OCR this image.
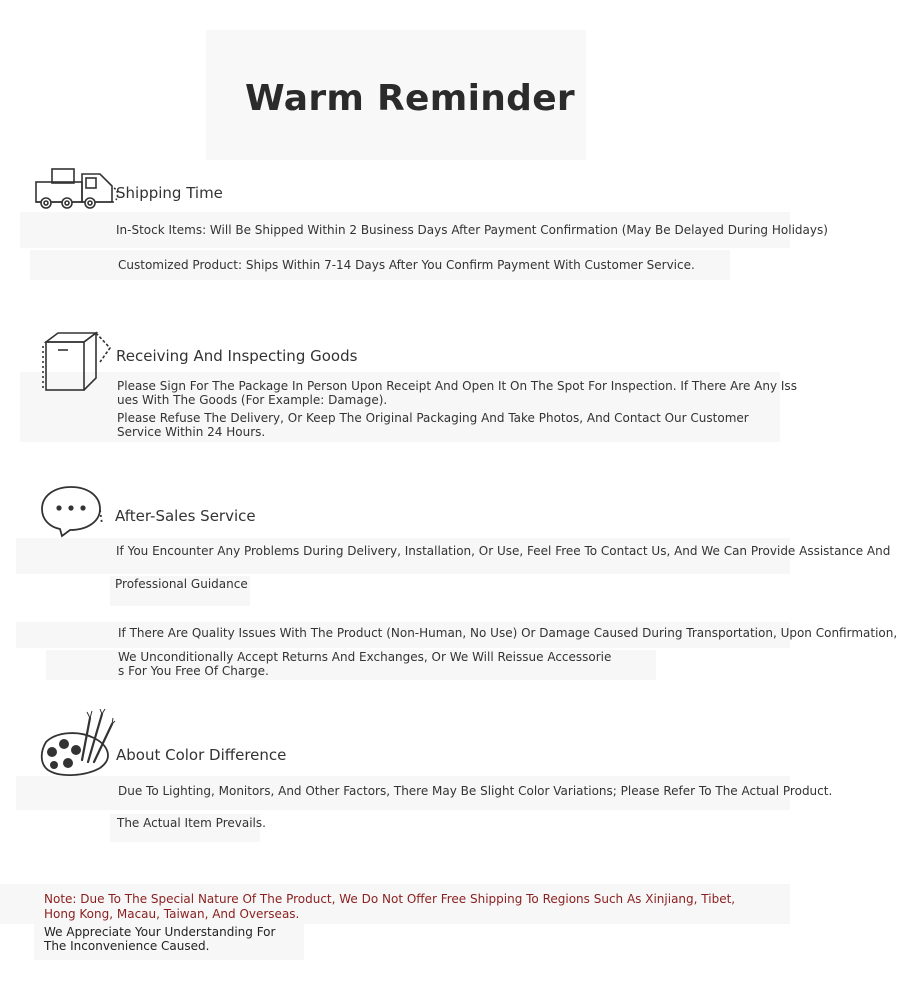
Warm Reminder
Shipping Time
In-Stock Items: Will Be Shipped Within 2 Business Days After Payment Confirmation (May Be Delayed During Holidays)
Customized Product: Ships Within 7-14 Days After You Confirm Payment With Customer Service.
Receiving And Inspecting Goods
Please Sign For The Package In Person Upon Receipt And Open It On The Spot For Inspection. If There Are Any Iss
ues With The Goods (For Example: Damage).
Please Refuse The Delivery, Or Keep The Original Packaging And Take Photos, And Contact Our Customer
Service Within 24 Hours.
After-Sales Service
If You Encounter Any Problems During Delivery, Installation, Or Use, Feel Free To Contact Us, And We Can Provide Assistance And
Professional Guidance
If There Are Quality Issues With The Product (Non-Human, No Use) Or Damage Caused During Transportation, Upon Confirmation,
We Unconditionally Accept Returns And Exchanges, Or We Will Reissue Accessorie
s For You Free Of Charge.
About Color Difference
Due To Lighting, Monitors, And Other Factors, There May Be Slight Color Variations; Please Refer To The Actual Product.
The Actual Item Prevails.
Note: Due To The Special Nature Of The Product, We Do Not Offer Free Shipping To Regions Such As Xinjiang, Tibet, Hong Kong, Macau, Taiwan, And Overseas.
We Appreciate Your Understanding For The Inconvenience Caused.
